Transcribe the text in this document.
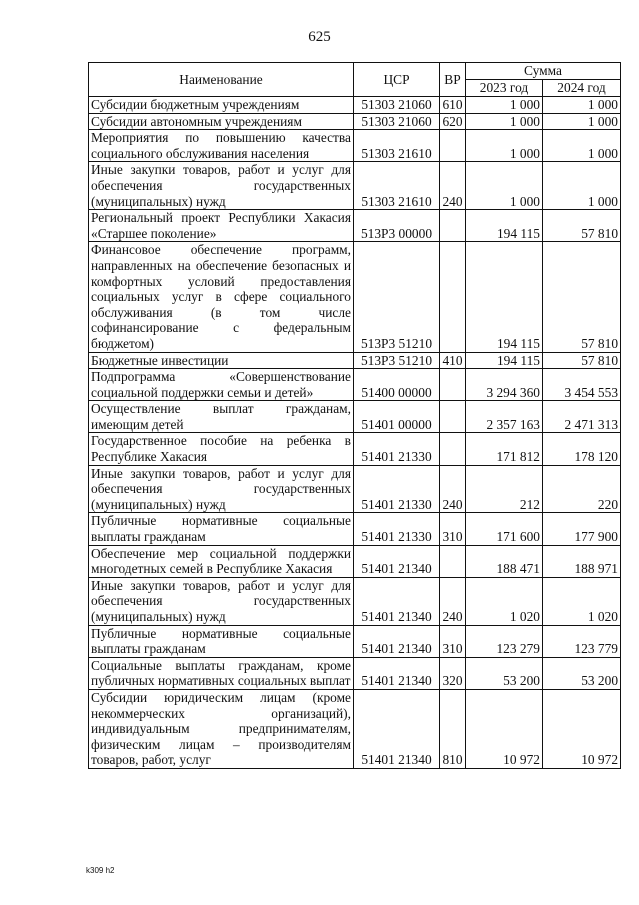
625
Наименование	ЦСР	ВР	Сумма	
			2023 год	2024 год
Субсидии бюджетным учреждениям	51303 21060	610	1 000	1 000
Субсидии автономным учреждениям	51303 21060	620	1 000	1 000
Мероприятия по повышению качества социального обслуживания населения	51303 21610		1 000	1 000
Иные закупки товаров, работ и услуг для обеспечения государственных (муниципальных) нужд	51303 21610	240	1 000	1 000
Региональный проект Республики Хакасия «Старшее поколение»	513P3 00000		194 115	57 810
Финансовое обеспечение программ, направленных на обеспечение безопасных и комфортных условий предоставления социальных услуг в сфере социального обслуживания (в том числе софинансирование с федеральным бюджетом)	513P3 51210		194 115	57 810
Бюджетные инвестиции	513P3 51210	410	194 115	57 810
Подпрограмма «Совершенствование социальной поддержки семьи и детей»	51400 00000		3 294 360	3 454 553
Осуществление выплат гражданам, имеющим детей	51401 00000		2 357 163	2 471 313
Государственное пособие на ребенка в Республике Хакасия	51401 21330		171 812	178 120
Иные закупки товаров, работ и услуг для обеспечения государственных (муниципальных) нужд	51401 21330	240	212	220
Публичные нормативные социальные выплаты гражданам	51401 21330	310	171 600	177 900
Обеспечение мер социальной поддержки многодетных семей в Республике Хакасия	51401 21340		188 471	188 971
Иные закупки товаров, работ и услуг для обеспечения государственных (муниципальных) нужд	51401 21340	240	1 020	1 020
Публичные нормативные социальные выплаты гражданам	51401 21340	310	123 279	123 779
Социальные выплаты гражданам, кроме публичных нормативных социальных выплат	51401 21340	320	53 200	53 200
Субсидии юридическим лицам (кроме некоммерческих организаций), индивидуальным предпринимателям, физическим лицам – производителям товаров, работ, услуг	51401 21340	810	10 972	10 972
k309 h2
